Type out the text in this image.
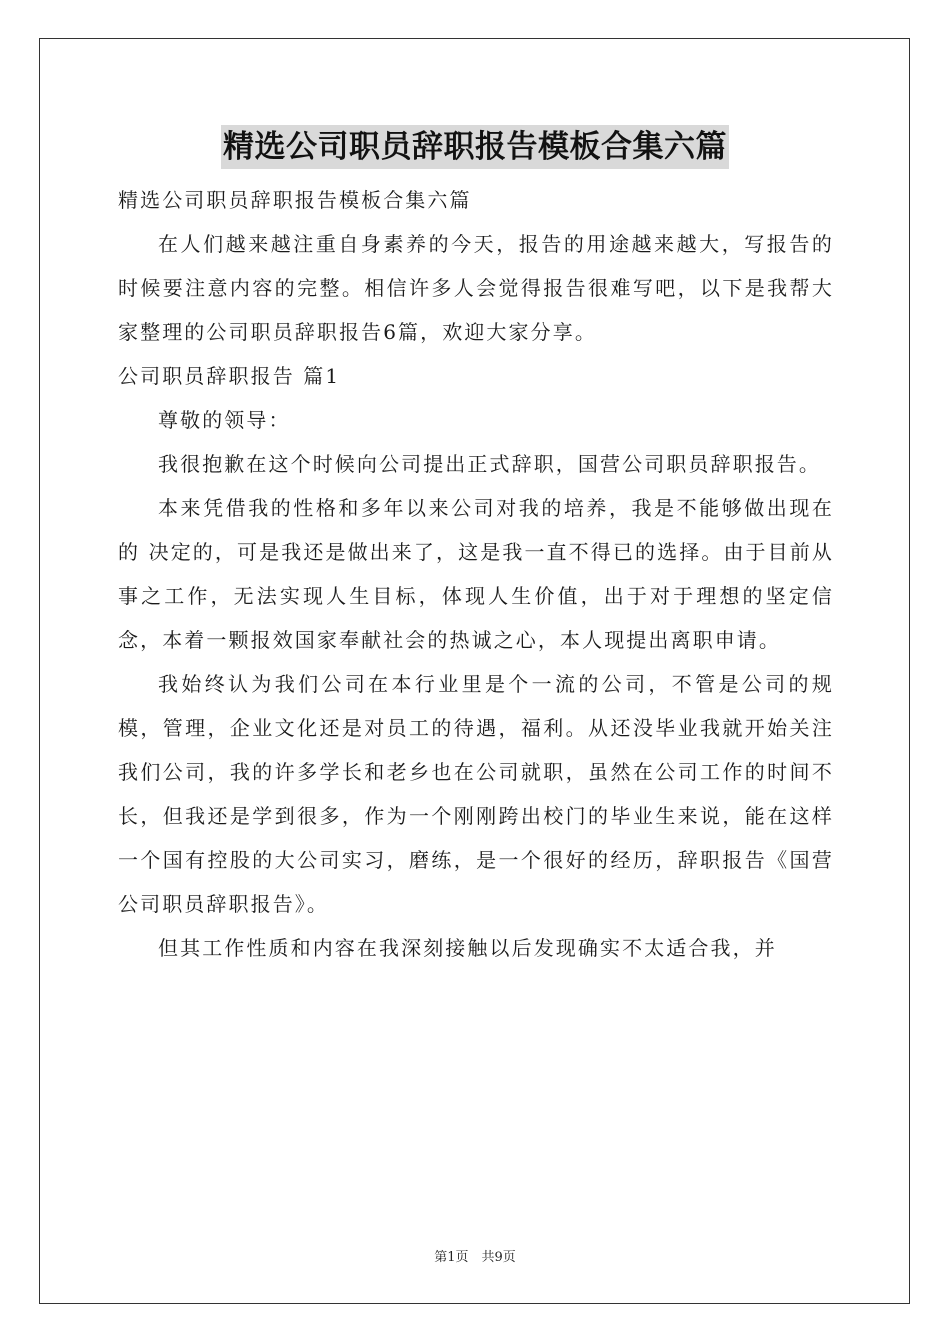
精选公司职员辞职报告模板合集六篇
精选公司职员辞职报告模板合集六篇
在人们越来越注重自身素养的今天，报告的用途越来越大，写报告的时候要注意内容的完整。相信许多人会觉得报告很难写吧，以下是我帮大家整理的公司职员辞职报告6篇，欢迎大家分享。
公司职员辞职报告 篇1
尊敬的领导：
我很抱歉在这个时候向公司提出正式辞职，国营公司职员辞职报告。
本来凭借我的性格和多年以来公司对我的培养，我是不能够做出现在的 决定的，可是我还是做出来了，这是我一直不得已的选择。由于目前从事之工作，无法实现人生目标，体现人生价值，出于对于理想的坚定信念，本着一颗报效国家奉献社会的热诚之心，本人现提出离职申请。
我始终认为我们公司在本行业里是个一流的公司，不管是公司的规模，管理，企业文化还是对员工的待遇，福利。从还没毕业我就开始关注我们公司，我的许多学长和老乡也在公司就职，虽然在公司工作的时间不长，但我还是学到很多，作为一个刚刚跨出校门的毕业生来说，能在这样一个国有控股的大公司实习，磨练，是一个很好的经历，辞职报告《国营公司职员辞职报告》。
但其工作性质和内容在我深刻接触以后发现确实不太适合我，并
第1页　共9页
